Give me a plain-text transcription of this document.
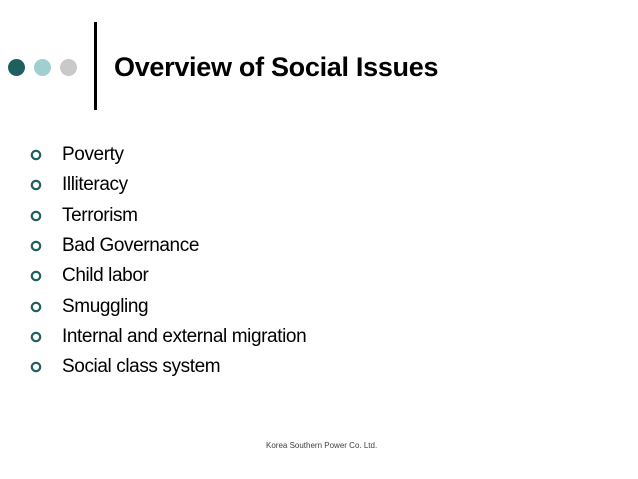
Overview of Social Issues
Poverty
Illiteracy
Terrorism
Bad Governance
Child labor
Smuggling
Internal and external migration
Social class system
Korea Southern Power Co. Ltd.
